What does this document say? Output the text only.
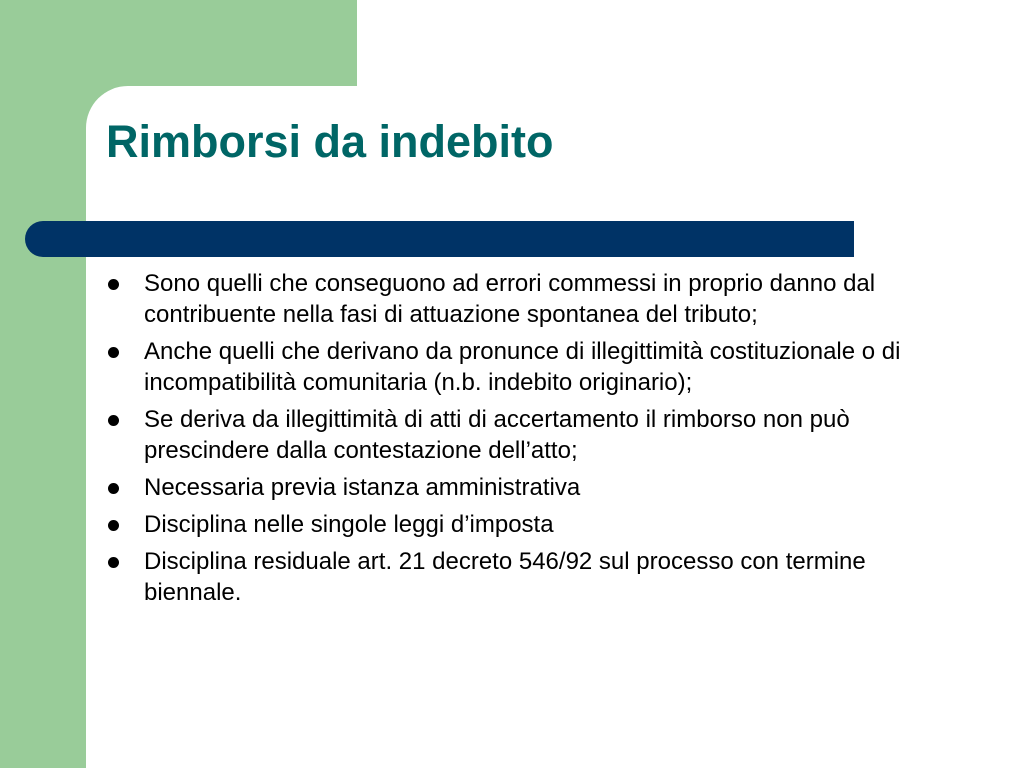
Rimborsi da indebito
Sono quelli che conseguono ad errori commessi in proprio danno dal contribuente nella fasi di attuazione spontanea del tributo;
Anche quelli che derivano da pronunce di illegittimità costituzionale o di incompatibilità comunitaria (n.b. indebito originario);
Se deriva da illegittimità di atti di accertamento il rimborso non può prescindere dalla contestazione dell’atto;
Necessaria previa istanza amministrativa
Disciplina nelle singole leggi d’imposta
Disciplina residuale art. 21 decreto 546/92 sul processo con termine biennale.
